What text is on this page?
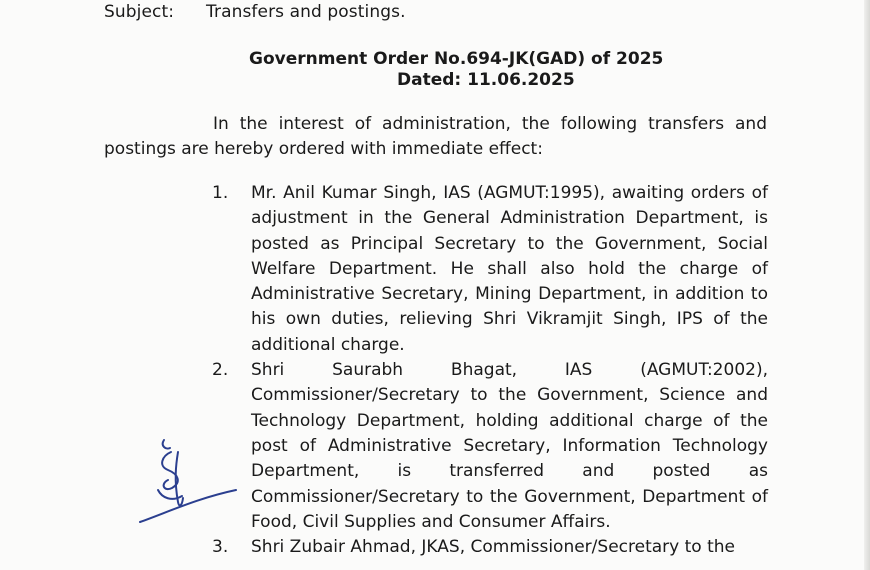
Subject: Transfers and postings.
Government Order No.694-JK(GAD) of 2025
Dated: 11.06.2025
In the interest of administration, the following transfers and postings are hereby ordered with immediate effect:
1.	Mr. Anil Kumar Singh, IAS (AGMUT:1995), awaiting orders of adjustment in the General Administration Department, is posted as Principal Secretary to the Government, Social Welfare Department. He shall also hold the charge of Administrative Secretary, Mining Department, in addition to his own duties, relieving Shri Vikramjit Singh, IPS of the additional charge.
2.	Shri Saurabh Bhagat, IAS (AGMUT:2002), Commissioner/Secretary to the Government, Science and Technology Department, holding additional charge of the post of Administrative Secretary, Information Technology Department, is transferred and posted as Commissioner/Secretary to the Government, Department of Food, Civil Supplies and Consumer Affairs.
3.	Shri Zubair Ahmad, JKAS, Commissioner/Secretary to the
